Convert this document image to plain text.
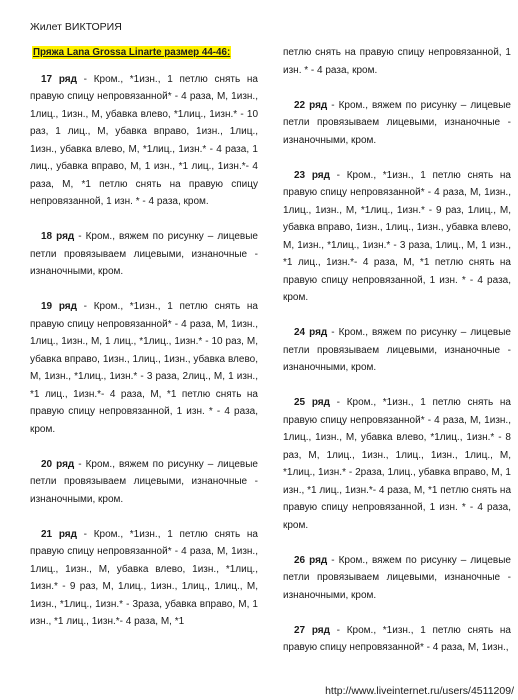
Жилет ВИКТОРИЯ
Пряжа Lana Grossa Linarte размер 44-46:

17 ряд - Кром., *1изн., 1 петлю снять на правую спицу непровязанной* - 4 раза, М, 1изн., 1лиц., 1изн., М, убавка влево, *1лиц., 1изн.* - 10 раз, 1 лиц., М, убавка вправо, 1изн., 1лиц., 1изн., убавка влево, М, *1лиц., 1изн.* - 4 раза, 1 лиц., убавка вправо, М, 1 изн., *1 лиц., 1изн.*- 4 раза, М, *1 петлю снять на правую спицу непровязанной, 1 изн. * - 4 раза, кром.

18 ряд - Кром., вяжем по рисунку – лицевые петли провязываем лицевыми, изнаночные - изнаночными, кром.

19 ряд - Кром., *1изн., 1 петлю снять на правую спицу непровязанной* - 4 раза, М, 1изн., 1лиц., 1изн., М, 1 лиц., *1лиц., 1изн.* - 10 раз, М, убавка вправо, 1изн., 1лиц., 1изн., убавка влево, М, 1изн., *1лиц., 1изн.* - 3 раза, 2лиц., М, 1 изн., *1 лиц., 1изн.*- 4 раза, М, *1 петлю снять на правую спицу непровязанной, 1 изн. * - 4 раза, кром.

20 ряд - Кром., вяжем по рисунку – лицевые петли провязываем лицевыми, изнаночные - изнаночными, кром.

21 ряд - Кром., *1изн., 1 петлю снять на правую спицу непровязанной* - 4 раза, М, 1изн., 1лиц., 1изн., М, убавка влево, 1изн., *1лиц., 1изн.* - 9 раз, М, 1лиц., 1изн., 1лиц., 1лиц., М, 1изн., *1лиц., 1изн.* - 3раза, убавка вправо, М, 1 изн., *1 лиц., 1изн.*- 4 раза, М, *1

петлю снять на правую спицу непровязанной, 1 изн. * - 4 раза, кром.

22 ряд - Кром., вяжем по рисунку – лицевые петли провязываем лицевыми, изнаночные - изнаночными, кром.

23 ряд - Кром., *1изн., 1 петлю снять на правую спицу непровязанной* - 4 раза, М, 1изн., 1лиц., 1изн., М, *1лиц., 1изн.* - 9 раз, 1лиц., М, убавка вправо, 1изн., 1лиц., 1изн., убавка влево, М, 1изн., *1лиц., 1изн.* - 3 раза, 1лиц., М, 1 изн., *1 лиц., 1изн.*- 4 раза, М, *1 петлю снять на правую спицу непровязанной, 1 изн. * - 4 раза, кром.

24 ряд - Кром., вяжем по рисунку – лицевые петли провязываем лицевыми, изнаночные - изнаночными, кром.

25 ряд - Кром., *1изн., 1 петлю снять на правую спицу непровязанной* - 4 раза, М, 1изн., 1лиц., 1изн., М, убавка влево, *1лиц., 1изн.* - 8 раз, М, 1лиц., 1изн., 1лиц., 1изн., 1лиц., М, *1лиц., 1изн.* - 2раза, 1лиц., убавка вправо, М, 1 изн., *1 лиц., 1изн.*- 4 раза, М, *1 петлю снять на правую спицу непровязанной, 1 изн. * - 4 раза, кром.

26 ряд - Кром., вяжем по рисунку – лицевые петли провязываем лицевыми, изнаночные - изнаночными, кром.

27 ряд - Кром., *1изн., 1 петлю снять на правую спицу непровязанной* - 4 раза, М, 1изн.,

http://www.liveinternet.ru/users/4511209/
